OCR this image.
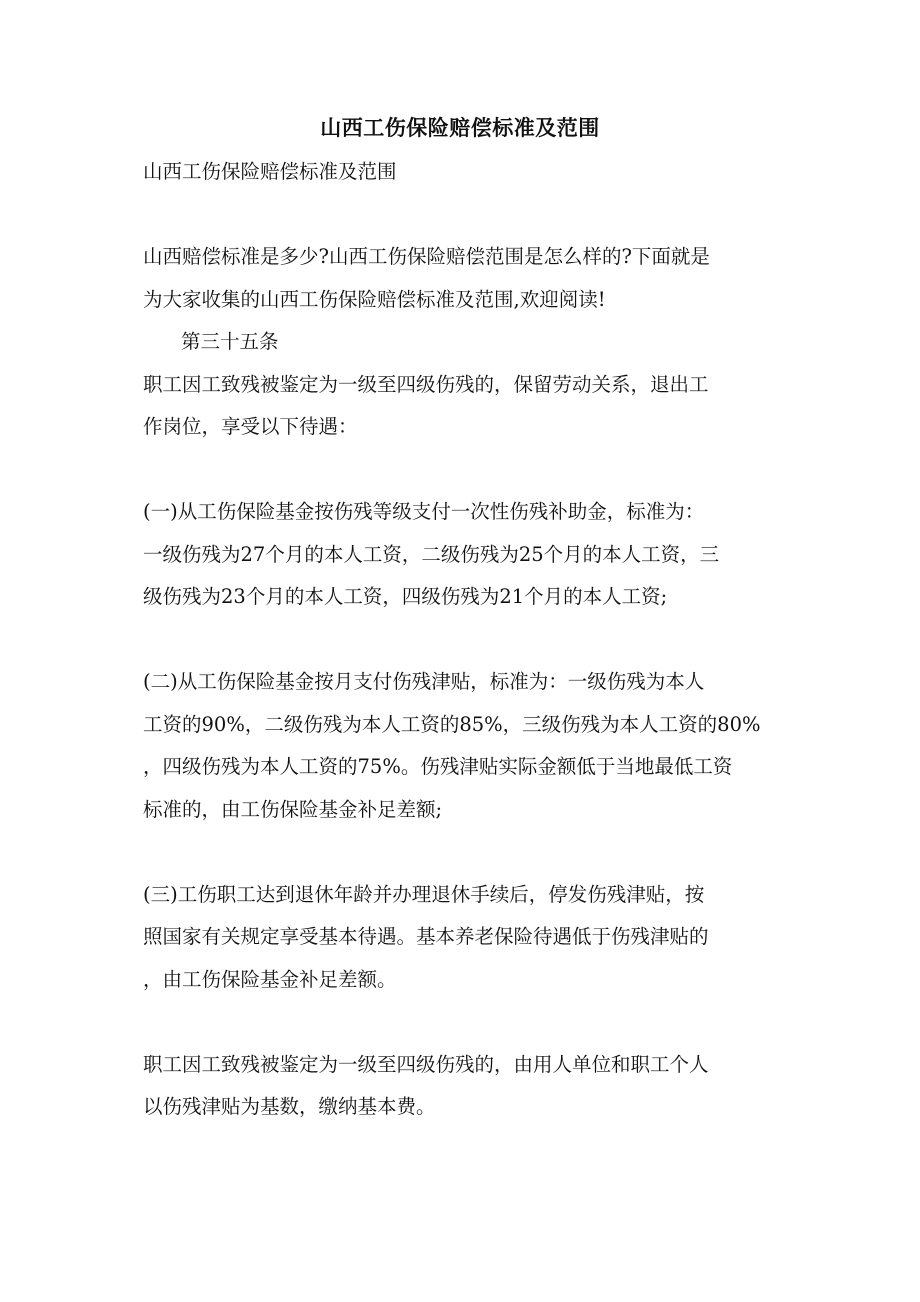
山西工伤保险赔偿标准及范围
山西工伤保险赔偿标准及范围
山西赔偿标准是多少?山西工伤保险赔偿范围是怎么样的?下面就是
为大家收集的山西工伤保险赔偿标准及范围,欢迎阅读!
第三十五条
职工因工致残被鉴定为一级至四级伤残的，保留劳动关系，退出工
作岗位，享受以下待遇：
(一)从工伤保险基金按伤残等级支付一次性伤残补助金，标准为：
一级伤残为27个月的本人工资，二级伤残为25个月的本人工资，三
级伤残为23个月的本人工资，四级伤残为21个月的本人工资;
(二)从工伤保险基金按月支付伤残津贴，标准为：一级伤残为本人
工资的90%，二级伤残为本人工资的85%，三级伤残为本人工资的80%
，四级伤残为本人工资的75%。伤残津贴实际金额低于当地最低工资
标准的，由工伤保险基金补足差额;
(三)工伤职工达到退休年龄并办理退休手续后，停发伤残津贴，按
照国家有关规定享受基本待遇。基本养老保险待遇低于伤残津贴的
，由工伤保险基金补足差额。
职工因工致残被鉴定为一级至四级伤残的，由用人单位和职工个人
以伤残津贴为基数，缴纳基本费。
